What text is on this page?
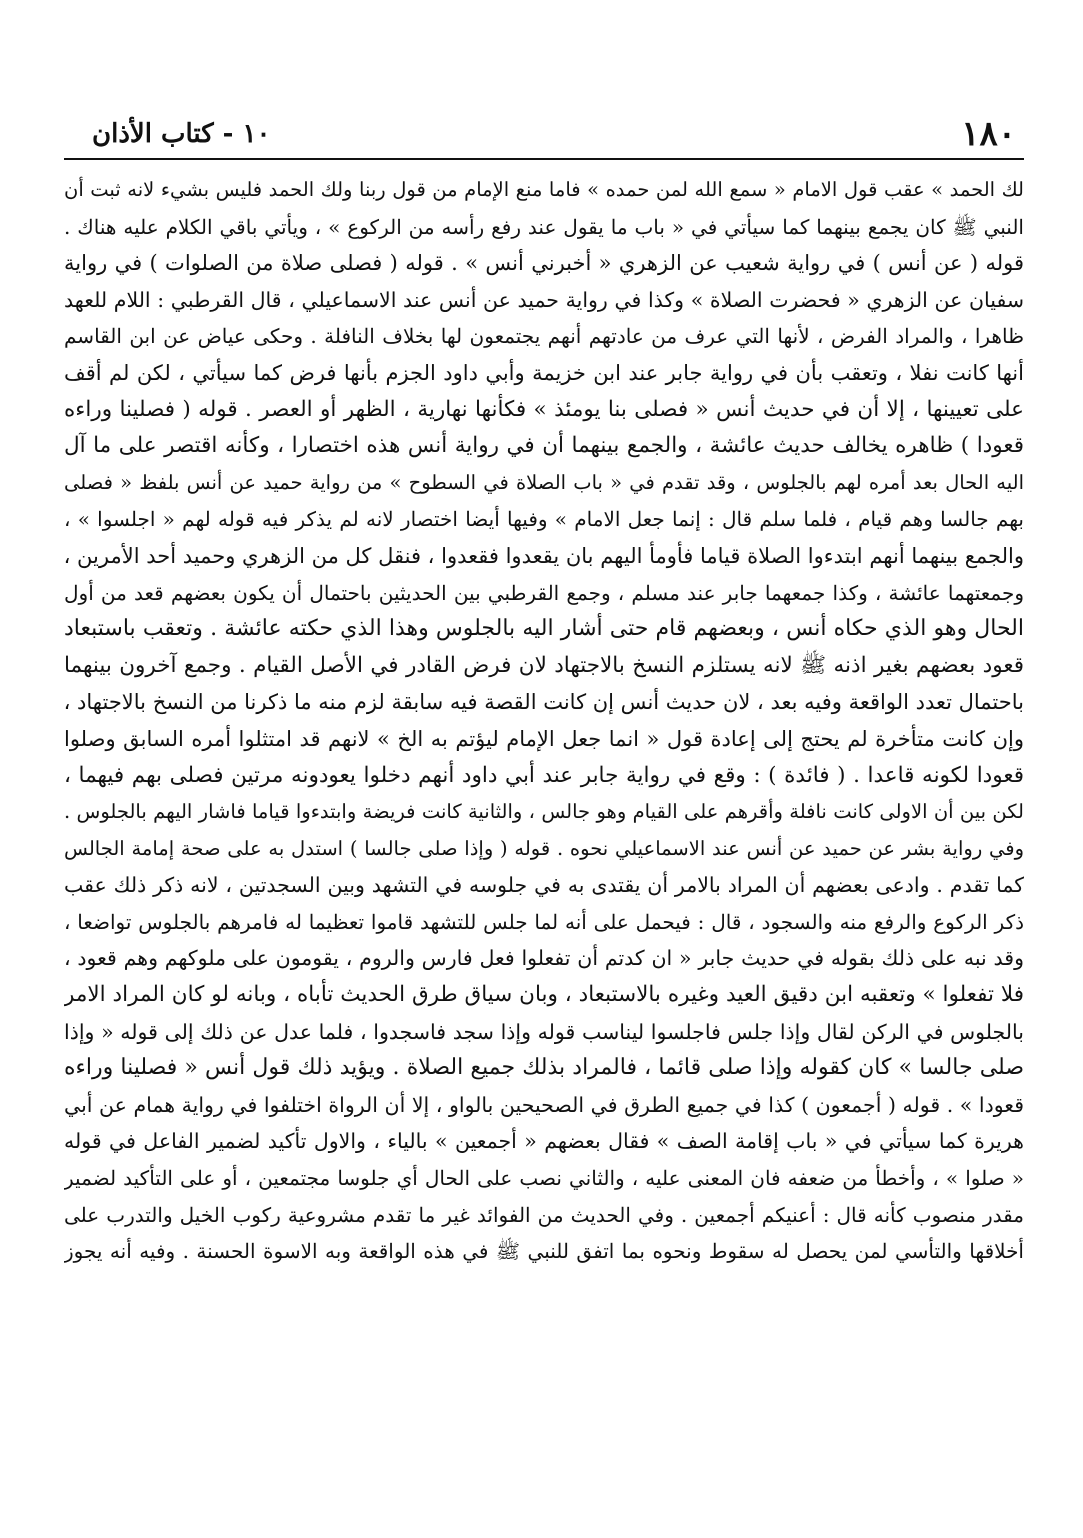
١٨٠
١٠ - كتاب الأذان
لك الحمد » عقب قول الامام « سمع الله لمن حمده » فاما منع الإمام من قول ربنا ولك الحمد فليس بشيء لانه ثبت أن
النبي ﷺ كان يجمع بينهما كما سيأتي في « باب ما يقول عند رفع رأسه من الركوع » ، ويأتي باقي الكلام عليه هناك .
قوله ( عن أنس ) في رواية شعيب عن الزهري « أخبرني أنس » . قوله ( فصلى صلاة من الصلوات ) في رواية
سفيان عن الزهري « فحضرت الصلاة » وكذا في رواية حميد عن أنس عند الاسماعيلي ، قال القرطبي : اللام للعهد
ظاهرا ، والمراد الفرض ، لأنها التي عرف من عادتهم أنهم يجتمعون لها بخلاف النافلة . وحكى عياض عن ابن القاسم
أنها كانت نفلا ، وتعقب بأن في رواية جابر عند ابن خزيمة وأبي داود الجزم بأنها فرض كما سيأتي ، لكن لم أقف
على تعيينها ، إلا أن في حديث أنس « فصلى بنا يومئذ » فكأنها نهارية ، الظهر أو العصر . قوله ( فصلينا وراءه
قعودا ) ظاهره يخالف حديث عائشة ، والجمع بينهما أن في رواية أنس هذه اختصارا ، وكأنه اقتصر على ما آل
اليه الحال بعد أمره لهم بالجلوس ، وقد تقدم في « باب الصلاة في السطوح » من رواية حميد عن أنس بلفظ « فصلى
بهم جالسا وهم قيام ، فلما سلم قال : إنما جعل الامام » وفيها أيضا اختصار لانه لم يذكر فيه قوله لهم « اجلسوا » ،
والجمع بينهما أنهم ابتدءوا الصلاة قياما فأومأ اليهم بان يقعدوا فقعدوا ، فنقل كل من الزهري وحميد أحد الأمرين ،
وجمعتهما عائشة ، وكذا جمعهما جابر عند مسلم ، وجمع القرطبي بين الحديثين باحتمال أن يكون بعضهم قعد من أول
الحال وهو الذي حكاه أنس ، وبعضهم قام حتى أشار اليه بالجلوس وهذا الذي حكته عائشة . وتعقب باستبعاد
قعود بعضهم بغير اذنه ﷺ لانه يستلزم النسخ بالاجتهاد لان فرض القادر في الأصل القيام . وجمع آخرون بينهما
باحتمال تعدد الواقعة وفيه بعد ، لان حديث أنس إن كانت القصة فيه سابقة لزم منه ما ذكرنا من النسخ بالاجتهاد ،
وإن كانت متأخرة لم يحتج إلى إعادة قول « انما جعل الإمام ليؤتم به الخ » لانهم قد امتثلوا أمره السابق وصلوا
قعودا لكونه قاعدا . ( فائدة ) : وقع في رواية جابر عند أبي داود أنهم دخلوا يعودونه مرتين فصلى بهم فيهما ،
لكن بين أن الاولى كانت نافلة وأقرهم على القيام وهو جالس ، والثانية كانت فريضة وابتدءوا قياما فاشار اليهم بالجلوس .
وفي رواية بشر عن حميد عن أنس عند الاسماعيلي نحوه . قوله ( وإذا صلى جالسا ) استدل به على صحة إمامة الجالس
كما تقدم . وادعى بعضهم أن المراد بالامر أن يقتدى به في جلوسه في التشهد وبين السجدتين ، لانه ذكر ذلك عقب
ذكر الركوع والرفع منه والسجود ، قال : فيحمل على أنه لما جلس للتشهد قاموا تعظيما له فامرهم بالجلوس تواضعا ،
وقد نبه على ذلك بقوله في حديث جابر « ان كدتم أن تفعلوا فعل فارس والروم ، يقومون على ملوكهم وهم قعود ،
فلا تفعلوا » وتعقبه ابن دقيق العيد وغيره بالاستبعاد ، وبان سياق طرق الحديث تأباه ، وبانه لو كان المراد الامر
بالجلوس في الركن لقال وإذا جلس فاجلسوا ليناسب قوله وإذا سجد فاسجدوا ، فلما عدل عن ذلك إلى قوله « وإذا
صلى جالسا » كان كقوله وإذا صلى قائما ، فالمراد بذلك جميع الصلاة . ويؤيد ذلك قول أنس « فصلينا وراءه
قعودا » . قوله ( أجمعون ) كذا في جميع الطرق في الصحيحين بالواو ، إلا أن الرواة اختلفوا في رواية همام عن أبي
هريرة كما سيأتي في « باب إقامة الصف » فقال بعضهم « أجمعين » بالياء ، والاول تأكيد لضمير الفاعل في قوله
« صلوا » ، وأخطأ من ضعفه فان المعنى عليه ، والثاني نصب على الحال أي جلوسا مجتمعين ، أو على التأكيد لضمير
مقدر منصوب كأنه قال : أعنيكم أجمعين . وفي الحديث من الفوائد غير ما تقدم مشروعية ركوب الخيل والتدرب على
أخلاقها والتأسي لمن يحصل له سقوط ونحوه بما اتفق للنبي ﷺ في هذه الواقعة وبه الاسوة الحسنة . وفيه أنه يجوز
